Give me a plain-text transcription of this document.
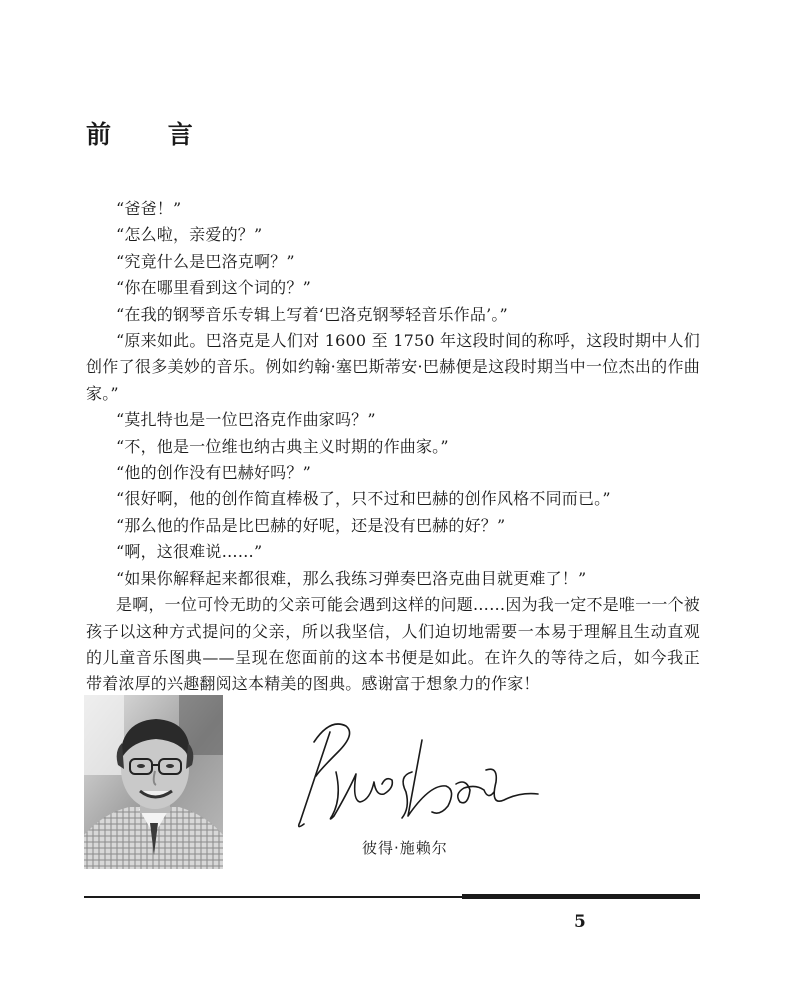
前 言

“爸爸！”

“怎么啦，亲爱的？”

“究竟什么是巴洛克啊？”

“你在哪里看到这个词的？”

“在我的钢琴音乐专辑上写着‘巴洛克钢琴轻音乐作品’。”

“原来如此。巴洛克是人们对 1600 至 1750 年这段时间的称呼，这段时期中人们创作了很多美妙的音乐。例如约翰·塞巴斯蒂安·巴赫便是这段时期当中一位杰出的作曲家。”

“莫扎特也是一位巴洛克作曲家吗？”

“不，他是一位维也纳古典主义时期的作曲家。”

“他的创作没有巴赫好吗？”

“很好啊，他的创作简直棒极了，只不过和巴赫的创作风格不同而已。”

“那么他的作品是比巴赫的好呢，还是没有巴赫的好？”

“啊，这很难说……”

“如果你解释起来都很难，那么我练习弹奏巴洛克曲目就更难了！”

是啊，一位可怜无助的父亲可能会遇到这样的问题……因为我一定不是唯一一个被孩子以这种方式提问的父亲，所以我坚信，人们迫切地需要一本易于理解且生动直观的儿童音乐图典——呈现在您面前的这本书便是如此。在许久的等待之后，如今我正带着浓厚的兴趣翻阅这本精美的图典。感谢富于想象力的作家！

彼得·施赖尔
5
